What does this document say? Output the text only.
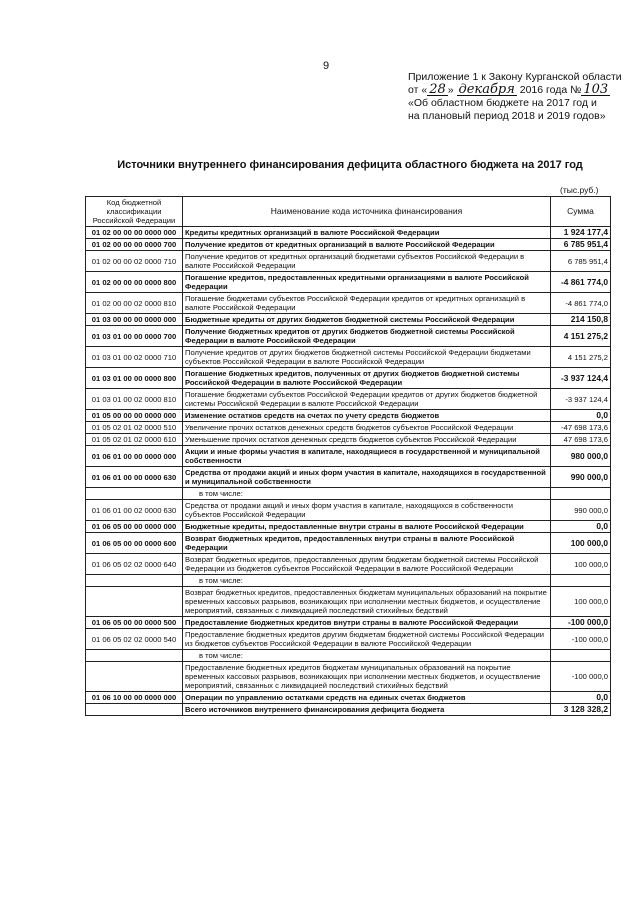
9
Приложение 1 к Закону Курганской области
от « 28 » декабря 2016 года № 103
«Об областном бюджете на 2017 год и
на плановый период 2018 и 2019 годов»
Источники внутреннего финансирования дефицита областного бюджета на 2017 год
(тыс.руб.)
Код бюджетной классификации Российской Федерации	Наименование кода источника финансирования	Сумма
01 02 00 00 00 0000 000	Кредиты кредитных организаций в валюте Российской Федерации	1 924 177,4
01 02 00 00 00 0000 700	Получение кредитов от кредитных организаций в валюте Российской Федерации	6 785 951,4
01 02 00 00 02 0000 710	Получение кредитов от кредитных организаций бюджетами субъектов Российской Федерации в валюте Российской Федерации	6 785 951,4
01 02 00 00 00 0000 800	Погашение кредитов, предоставленных кредитными организациями в валюте Российской Федерации	-4 861 774,0
01 02 00 00 02 0000 810	Погашение бюджетами субъектов Российской Федерации кредитов от кредитных организаций в валюте Российской Федерации	-4 861 774,0
01 03 00 00 00 0000 000	Бюджетные кредиты от других бюджетов бюджетной системы Российской Федерации	214 150,8
01 03 01 00 00 0000 700	Получение бюджетных кредитов от других бюджетов бюджетной системы Российской Федерации в валюте Российской Федерации	4 151 275,2
01 03 01 00 02 0000 710	Получение кредитов от других бюджетов бюджетной системы Российской Федерации бюджетами субъектов Российской Федерации в валюте Российской Федерации	4 151 275,2
01 03 01 00 00 0000 800	Погашение бюджетных кредитов, полученных от других бюджетов бюджетной системы Российской Федерации в валюте Российской Федерации	-3 937 124,4
01 03 01 00 02 0000 810	Погашение бюджетами субъектов Российской Федерации кредитов от других бюджетов бюджетной системы Российской Федерации в валюте Российской Федерации	-3 937 124,4
01 05 00 00 00 0000 000	Изменение остатков средств на счетах по учету средств бюджетов	0,0
01 05 02 01 02 0000 510	Увеличение прочих остатков денежных средств бюджетов субъектов Российской Федерации	-47 698 173,6
01 05 02 01 02 0000 610	Уменьшение прочих остатков денежных средств бюджетов субъектов Российской Федерации	47 698 173,6
01 06 01 00 00 0000 000	Акции и иные формы участия в капитале, находящиеся в государственной и муниципальной собственности	980 000,0
01 06 01 00 00 0000 630	Средства от продажи акций и иных форм участия в капитале, находящихся в государственной и муниципальной собственности	990 000,0
	в том числе:	
01 06 01 00 02 0000 630	Средства от продажи акций и иных форм участия в капитале, находящихся в собственности субъектов Российской Федерации	990 000,0
01 06 05 00 00 0000 000	Бюджетные кредиты, предоставленные внутри страны в валюте Российской Федерации	0,0
01 06 05 00 00 0000 600	Возврат бюджетных кредитов, предоставленных внутри страны в валюте Российской Федерации	100 000,0
01 06 05 02 02 0000 640	Возврат бюджетных кредитов, предоставленных другим бюджетам бюджетной системы Российской Федерации из бюджетов субъектов Российской Федерации в валюте Российской Федерации	100 000,0
	в том числе:	
	Возврат бюджетных кредитов, предоставленных бюджетам муниципальных образований на покрытие временных кассовых разрывов, возникающих при исполнении местных бюджетов, и осуществление мероприятий, связанных с ликвидацией последствий стихийных бедствий	100 000,0
01 06 05 00 00 0000 500	Предоставление бюджетных кредитов внутри страны в валюте Российской Федерации	-100 000,0
01 06 05 02 02 0000 540	Предоставление бюджетных кредитов другим бюджетам бюджетной системы Российской Федерации из бюджетов субъектов Российской Федерации в валюте Российской Федерации	-100 000,0
	в том числе:	
	Предоставление бюджетных кредитов бюджетам муниципальных образований на покрытие временных кассовых разрывов, возникающих при исполнении местных бюджетов, и осуществление мероприятий, связанных с ликвидацией последствий стихийных бедствий	-100 000,0
01 06 10 00 00 0000 000	Операции по управлению остатками средств на единых счетах бюджетов	0,0
	Всего источников внутреннего финансирования дефицита бюджета	3 128 328,2
